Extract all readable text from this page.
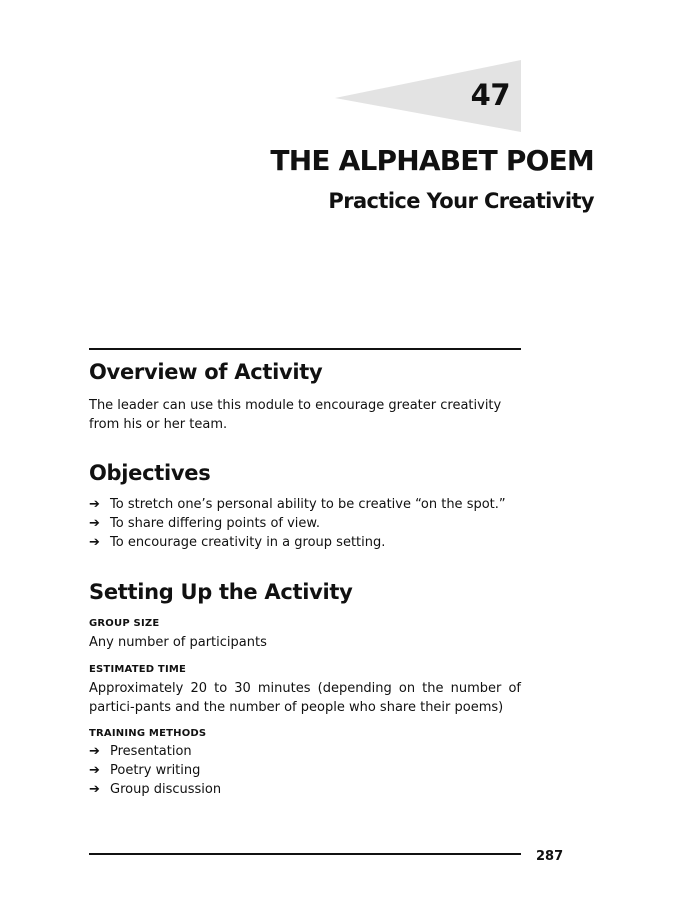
47
THE ALPHABET POEM
Practice Your Creativity
Overview of Activity
The leader can use this module to encourage greater creativity from his or her team.
Objectives
➔ To stretch one’s personal ability to be creative “on the spot.”
➔ To share differing points of view.
➔ To encourage creativity in a group setting.
Setting Up the Activity
GROUP SIZE
Any number of participants
ESTIMATED TIME
Approximately 20 to 30 minutes (depending on the number of partici-pants and the number of people who share their poems)
TRAINING METHODS
➔ Presentation
➔ Poetry writing
➔ Group discussion
287
